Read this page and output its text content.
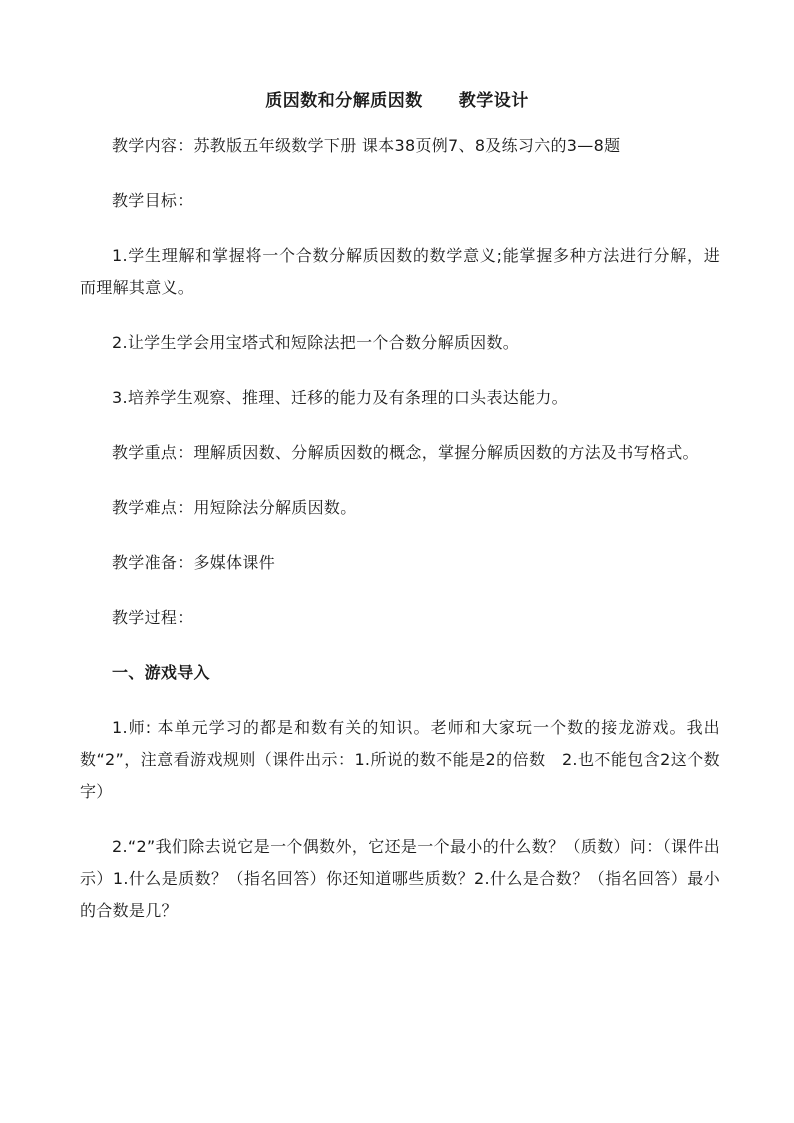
质因数和分解质因数 教学设计

教学内容：苏教版五年级数学下册 课本38页例7、8及练习六的3—8题

教学目标：

1.学生理解和掌握将一个合数分解质因数的数学意义;能掌握多种方法进行分解，进而理解其意义。

2.让学生学会用宝塔式和短除法把一个合数分解质因数。

3.培养学生观察、推理、迁移的能力及有条理的口头表达能力。

教学重点：理解质因数、分解质因数的概念，掌握分解质因数的方法及书写格式。

教学难点：用短除法分解质因数。

教学准备：多媒体课件

教学过程：

一、游戏导入

1.师: 本单元学习的都是和数有关的知识。老师和大家玩一个数的接龙游戏。我出数“2”，注意看游戏规则（课件出示：1.所说的数不能是2的倍数　2.也不能包含2这个数字）

2.“2”我们除去说它是一个偶数外，它还是一个最小的什么数？（质数）问：（课件出示）1.什么是质数？（指名回答）你还知道哪些质数？2.什么是合数？（指名回答）最小的合数是几？
